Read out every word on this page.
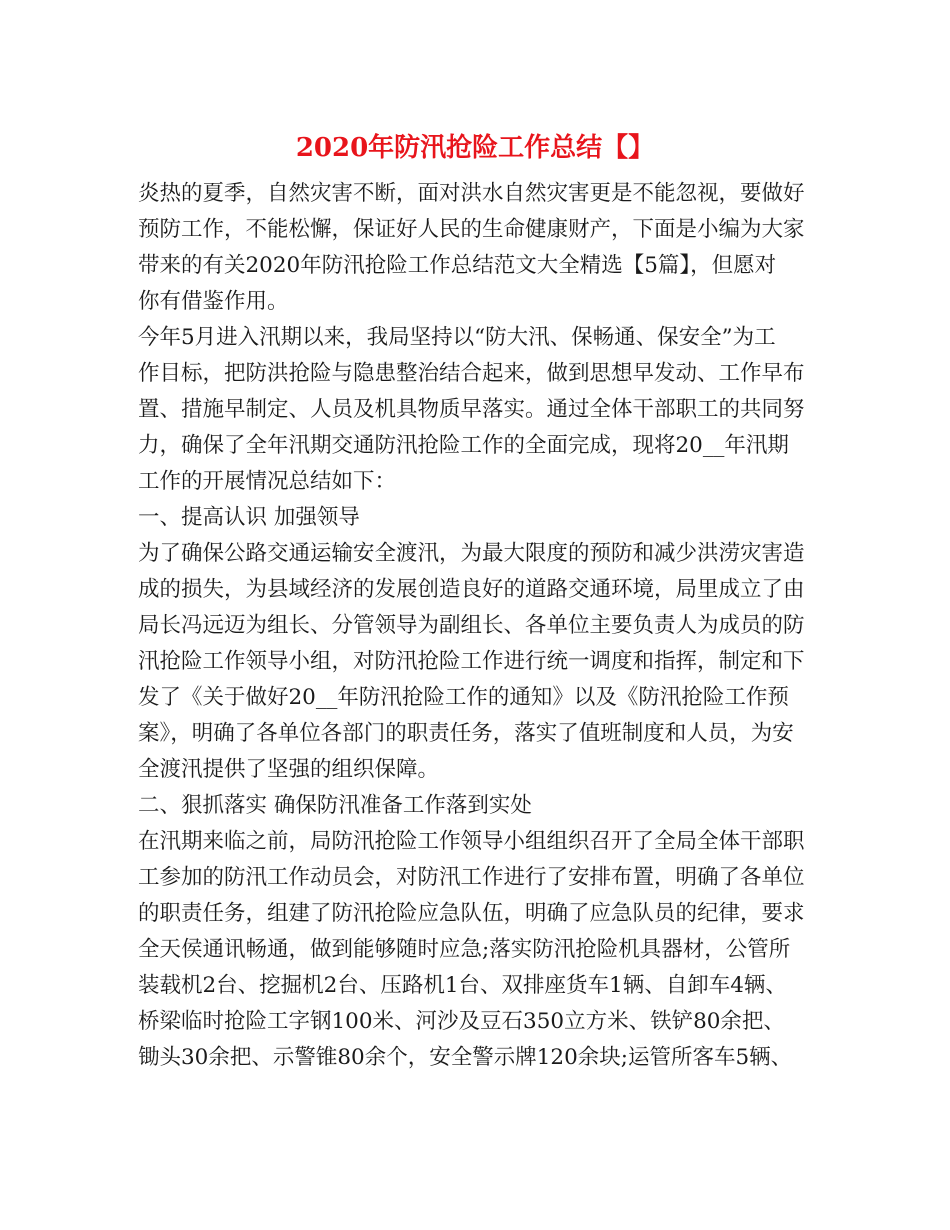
2020年防汛抢险工作总结【】
炎热的夏季，自然灾害不断，面对洪水自然灾害更是不能忽视，要做好
预防工作，不能松懈，保证好人民的生命健康财产，下面是小编为大家
带来的有关2020年防汛抢险工作总结范文大全精选【5篇】，但愿对
你有借鉴作用。
今年5月进入汛期以来，我局坚持以“防大汛、保畅通、保安全”为工
作目标，把防洪抢险与隐患整治结合起来，做到思想早发动、工作早布
置、措施早制定、人员及机具物质早落实。通过全体干部职工的共同努
力，确保了全年汛期交通防汛抢险工作的全面完成，现将20__年汛期
工作的开展情况总结如下：
一、提高认识 加强领导
为了确保公路交通运输安全渡汛，为最大限度的预防和减少洪涝灾害造
成的损失，为县域经济的发展创造良好的道路交通环境，局里成立了由
局长冯远迈为组长、分管领导为副组长、各单位主要负责人为成员的防
汛抢险工作领导小组，对防汛抢险工作进行统一调度和指挥，制定和下
发了《关于做好20__年防汛抢险工作的通知》以及《防汛抢险工作预
案》，明确了各单位各部门的职责任务，落实了值班制度和人员，为安
全渡汛提供了坚强的组织保障。
二、狠抓落实 确保防汛准备工作落到实处
在汛期来临之前，局防汛抢险工作领导小组组织召开了全局全体干部职
工参加的防汛工作动员会，对防汛工作进行了安排布置，明确了各单位
的职责任务，组建了防汛抢险应急队伍，明确了应急队员的纪律，要求
全天侯通讯畅通，做到能够随时应急;落实防汛抢险机具器材，公管所
装载机2台、挖掘机2台、压路机1台、双排座货车1辆、自卸车4辆、
桥梁临时抢险工字钢100米、河沙及豆石350立方米、铁铲80余把、
锄头30余把、示警锥80余个，安全警示牌120余块;运管所客车5辆、
